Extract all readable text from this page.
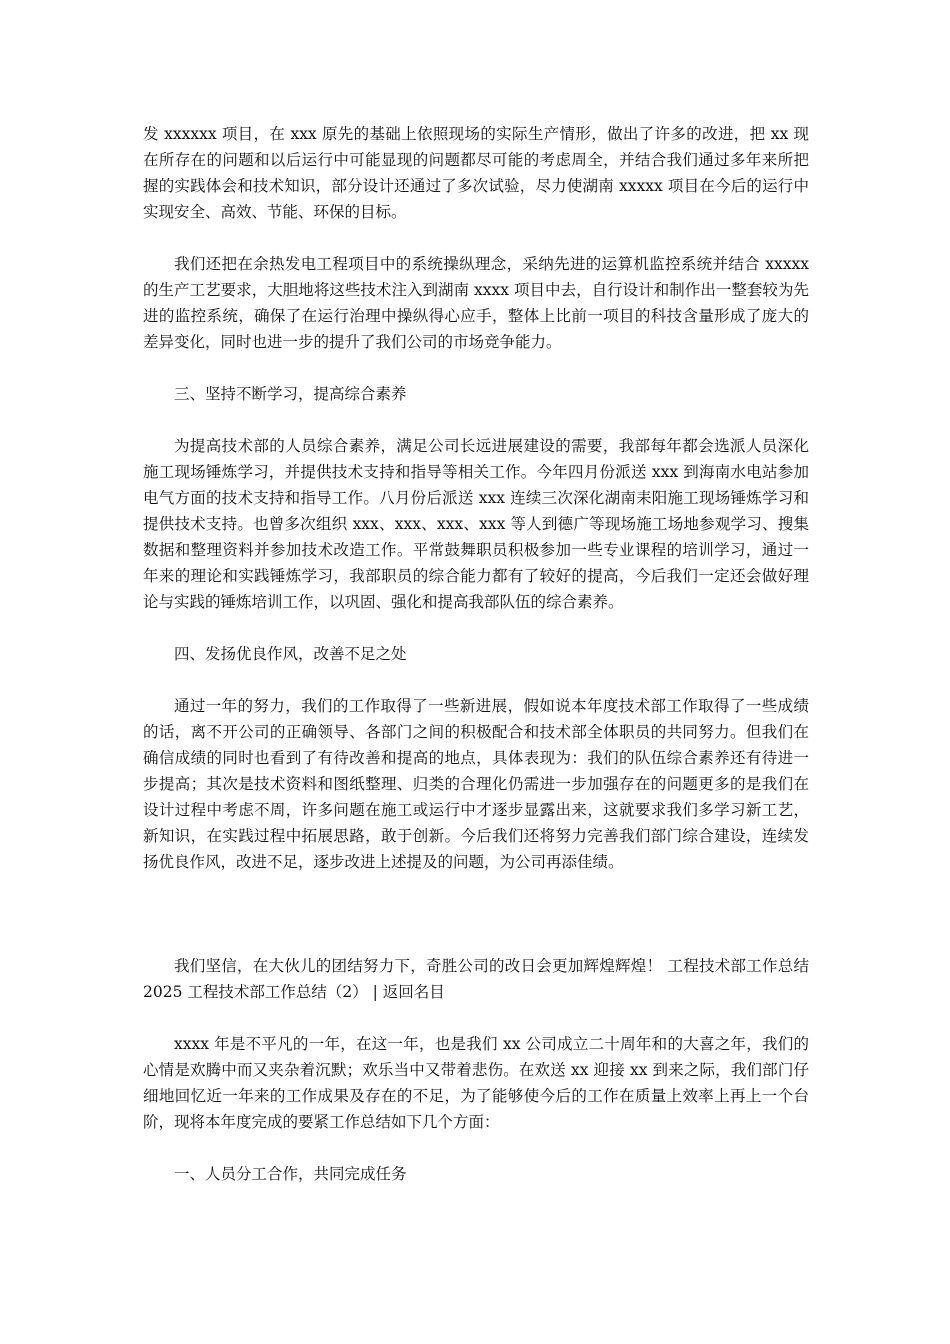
发 xxxxxx 项目，在 xxx 原先的基础上依照现场的实际生产情形，做出了许多的改进，把 xx 现在所存在的问题和以后运行中可能显现的问题都尽可能的考虑周全，并结合我们通过多年来所把握的实践体会和技术知识，部分设计还通过了多次试验，尽力使湖南 xxxxx 项目在今后的运行中实现安全、高效、节能、环保的目标。

我们还把在余热发电工程项目中的系统操纵理念，采纳先进的运算机监控系统并结合 xxxxx 的生产工艺要求，大胆地将这些技术注入到湖南 xxxx 项目中去，自行设计和制作出一整套较为先进的监控系统，确保了在运行治理中操纵得心应手，整体上比前一项目的科技含量形成了庞大的差异变化，同时也进一步的提升了我们公司的市场竞争能力。

三、坚持不断学习，提高综合素养

为提高技术部的人员综合素养，满足公司长远进展建设的需要，我部每年都会选派人员深化施工现场锤炼学习，并提供技术支持和指导等相关工作。今年四月份派送 xxx 到海南水电站参加电气方面的技术支持和指导工作。八月份后派送 xxx 连续三次深化湖南耒阳施工现场锤炼学习和提供技术支持。也曾多次组织 xxx、xxx、xxx、xxx 等人到德广等现场施工场地参观学习、搜集数据和整理资料并参加技术改造工作。平常鼓舞职员积极参加一些专业课程的培训学习，通过一年来的理论和实践锤炼学习，我部职员的综合能力都有了较好的提高，今后我们一定还会做好理论与实践的锤炼培训工作，以巩固、强化和提高我部队伍的综合素养。

四、发扬优良作风，改善不足之处

通过一年的努力，我们的工作取得了一些新进展，假如说本年度技术部工作取得了一些成绩的话，离不开公司的正确领导、各部门之间的积极配合和技术部全体职员的共同努力。但我们在确信成绩的同时也看到了有待改善和提高的地点，具体表现为：我们的队伍综合素养还有待进一步提高；其次是技术资料和图纸整理、归类的合理化仍需进一步加强存在的问题更多的是我们在设计过程中考虑不周，许多问题在施工或运行中才逐步显露出来，这就要求我们多学习新工艺，新知识，在实践过程中拓展思路，敢于创新。今后我们还将努力完善我们部门综合建设，连续发扬优良作风，改进不足，逐步改进上述提及的问题，为公司再添佳绩。

我们坚信，在大伙儿的团结努力下，奇胜公司的改日会更加辉煌辉煌！ 工程技术部工作总结 2025 工程技术部工作总结（2） | 返回名目

xxxx 年是不平凡的一年，在这一年，也是我们 xx 公司成立二十周年和的大喜之年，我们的心情是欢腾中而又夹杂着沉默；欢乐当中又带着悲伤。在欢送 xx 迎接 xx 到来之际，我们部门仔细地回忆近一年来的工作成果及存在的不足，为了能够使今后的工作在质量上效率上再上一个台阶，现将本年度完成的要紧工作总结如下几个方面：

一、人员分工合作，共同完成任务
